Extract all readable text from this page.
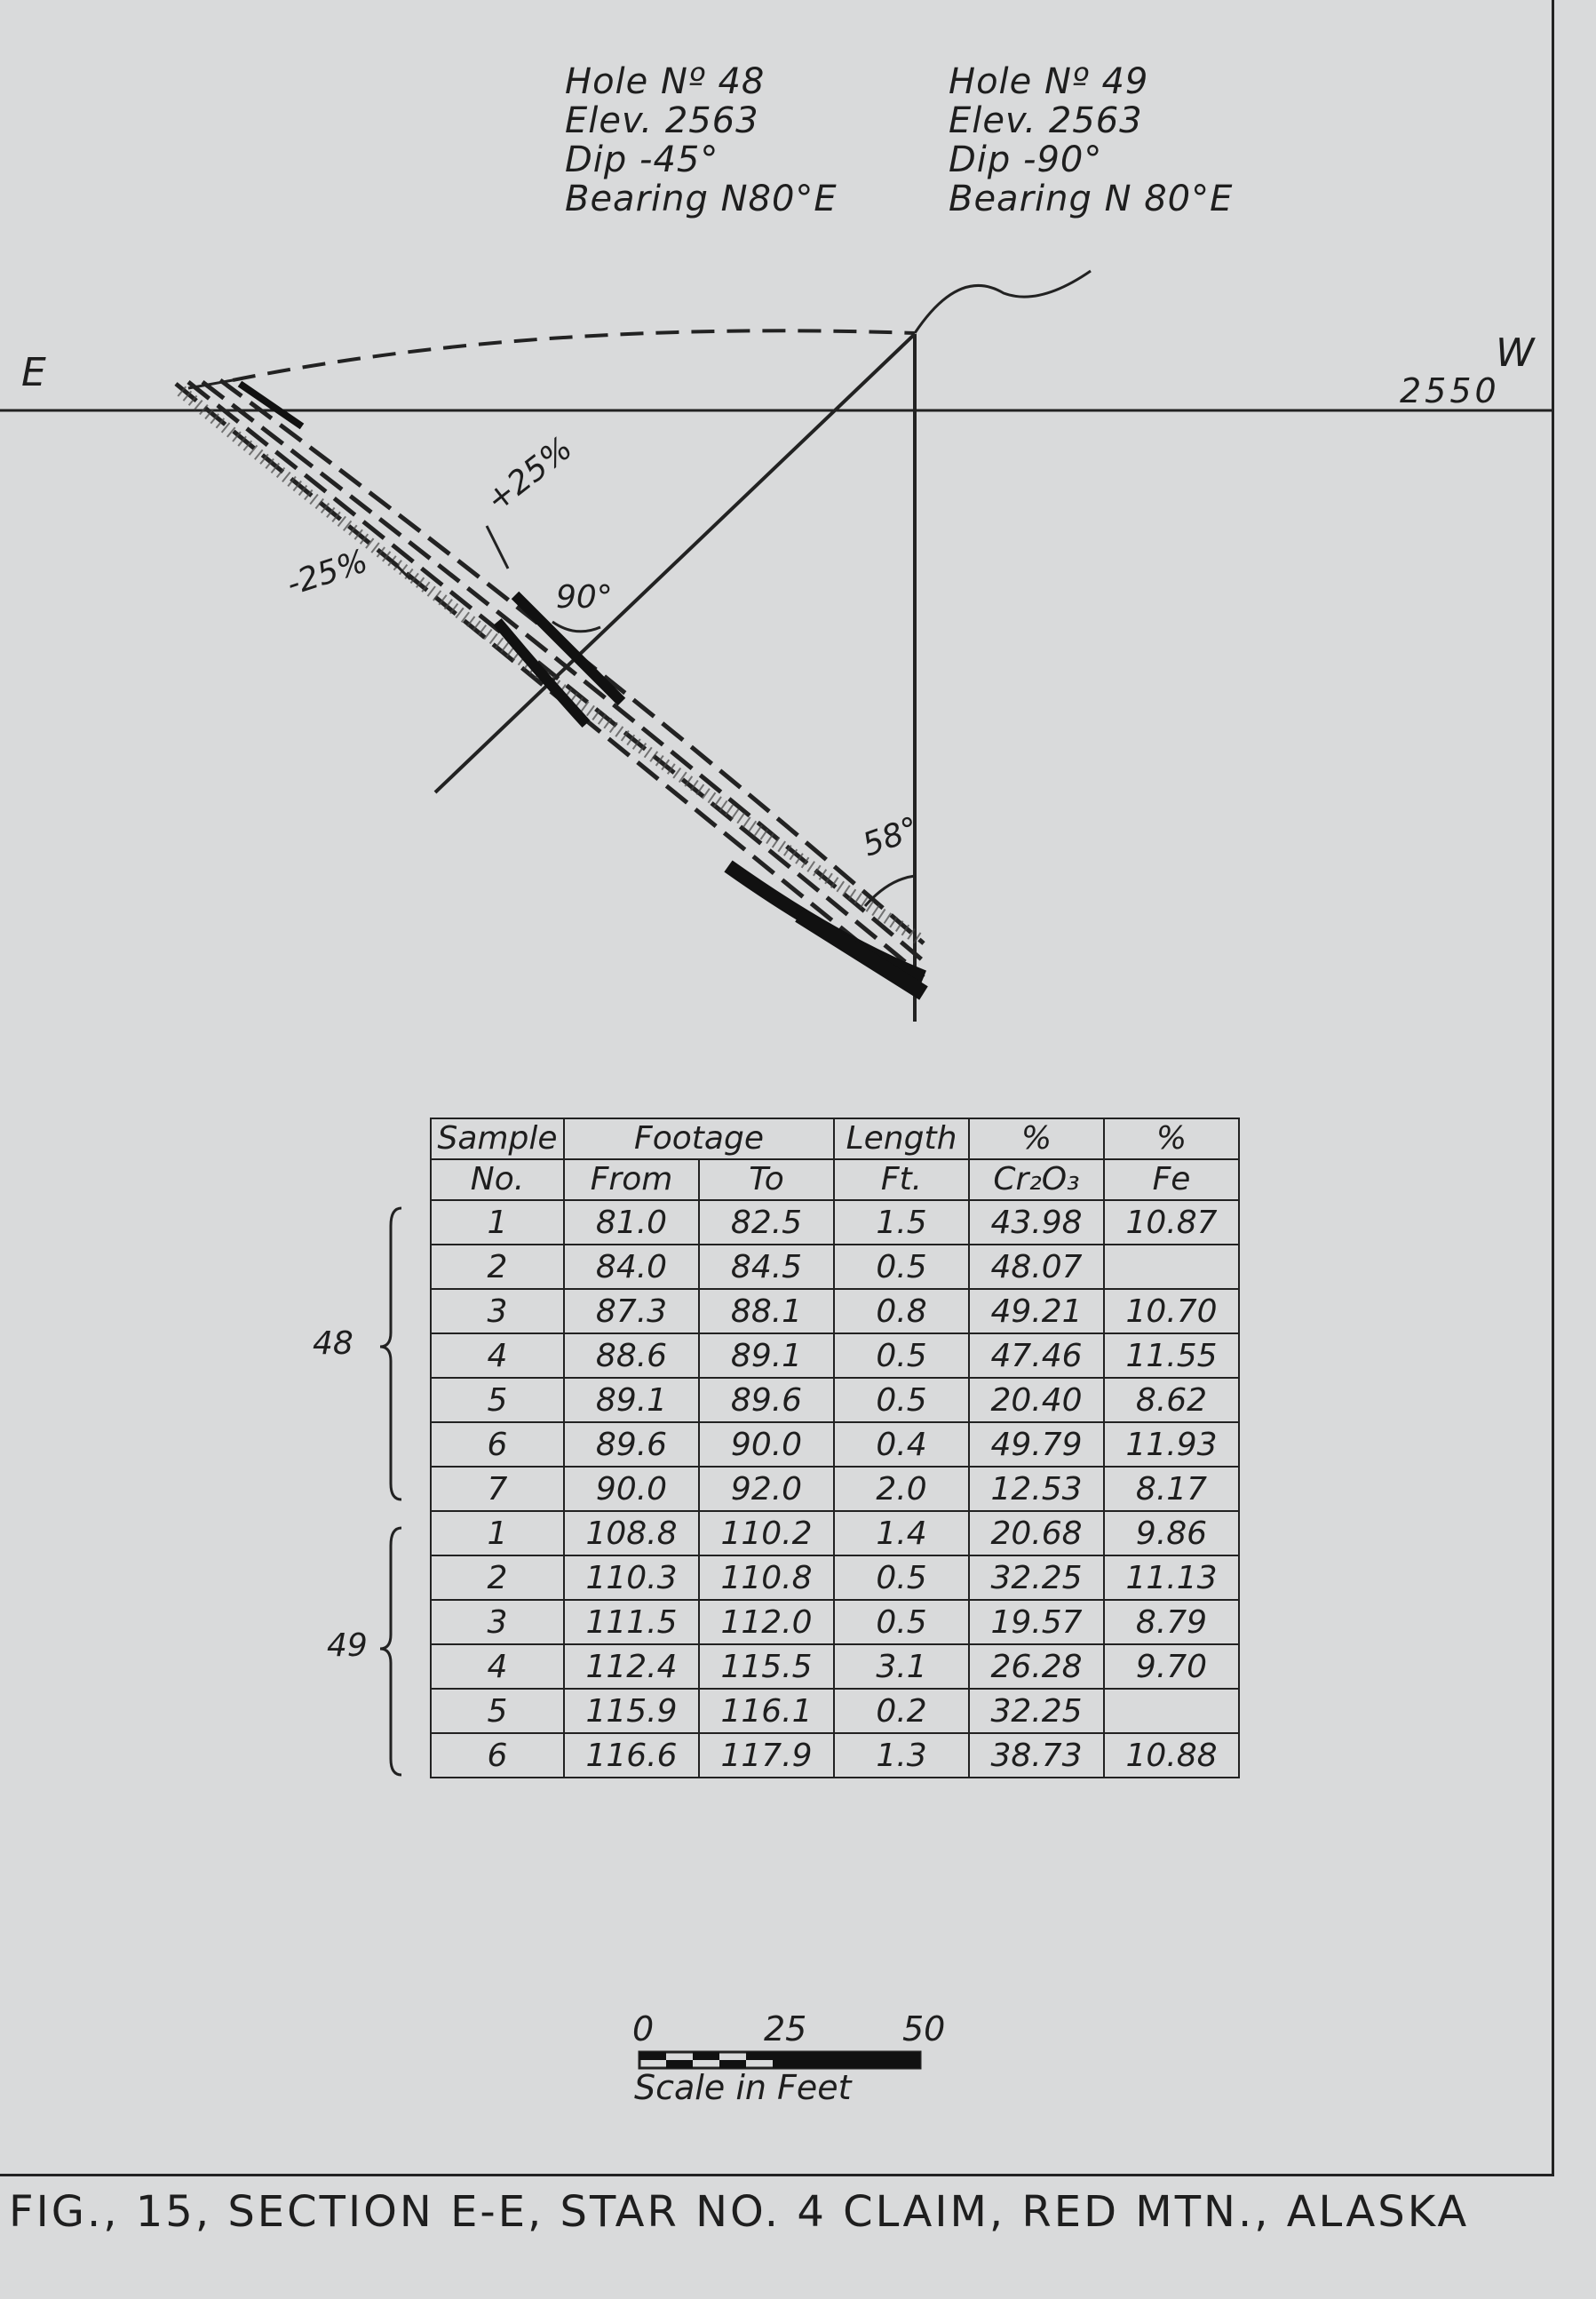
Hole Nº 48
Elev. 2563
Dip -45°
Bearing N80°E
Hole Nº 49
Elev. 2563
Dip -90°
Bearing N 80°E
E	W
2550
+25%
-25%	90°
58°
Sample	Footage		Length	%	%
No.	From	To	Ft.	Cr₂O₃	Fe
1	81.0	82.5	1.5	43.98	10.87
2	84.0	84.5	0.5	48.07	
3	87.3	88.1	0.8	49.21	10.70
4	88.6	89.1	0.5	47.46	11.55
5	89.1	89.6	0.5	20.40	8.62
6	89.6	90.0	0.4	49.79	11.93
7	90.0	92.0	2.0	12.53	8.17
1	108.8	110.2	1.4	20.68	9.86
2	110.3	110.8	0.5	32.25	11.13
3	111.5	112.0	0.5	19.57	8.79
4	112.4	115.5	3.1	26.28	9.70
5	115.9	116.1	0.2	32.25	
6	116.6	117.9	1.3	38.73	10.88
48
49
0	25	50
Scale in Feet
FIG., 15, SECTION E-E, STAR NO. 4 CLAIM, RED MTN., ALASKA
